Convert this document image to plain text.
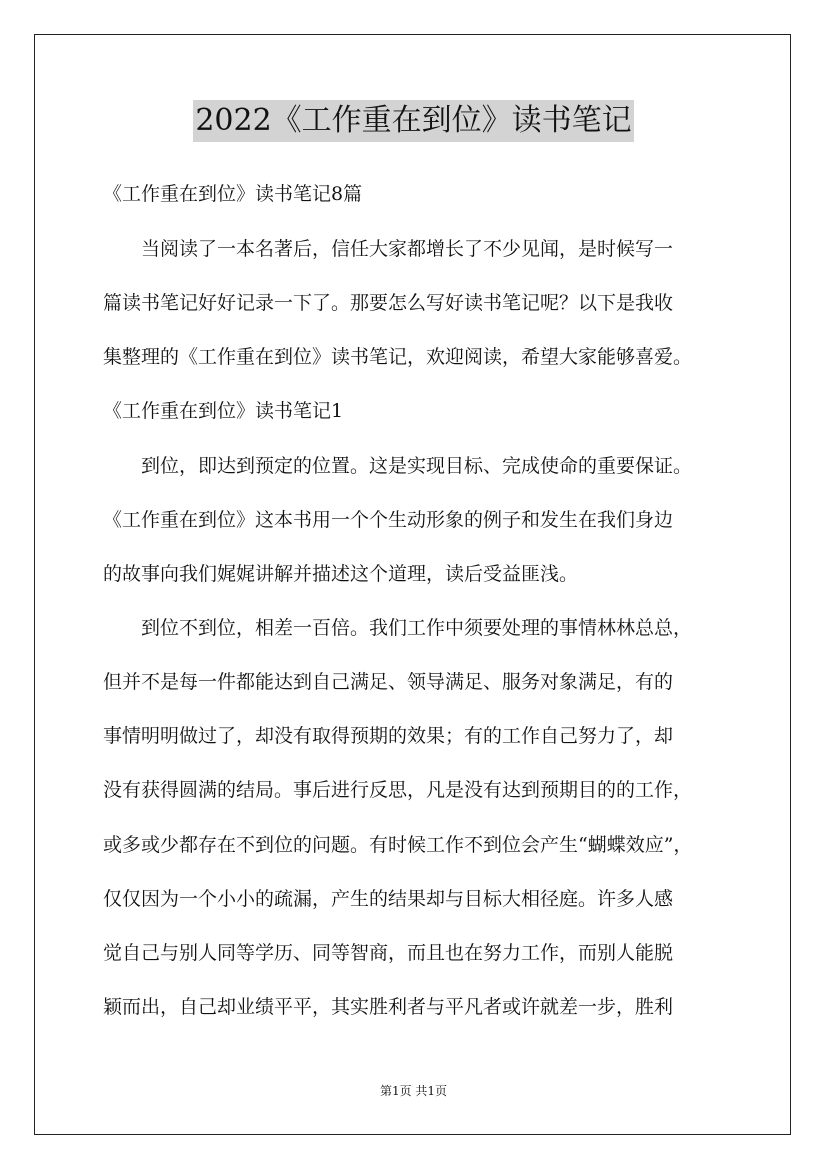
2022《工作重在到位》读书笔记
《工作重在到位》读书笔记8篇
当阅读了一本名著后，信任大家都增长了不少见闻，是时候写一
篇读书笔记好好记录一下了。那要怎么写好读书笔记呢？以下是我收
集整理的《工作重在到位》读书笔记，欢迎阅读，希望大家能够喜爱。
《工作重在到位》读书笔记1
到位，即达到预定的位置。这是实现目标、完成使命的重要保证。
《工作重在到位》这本书用一个个生动形象的例子和发生在我们身边
的故事向我们娓娓讲解并描述这个道理，读后受益匪浅。
到位不到位，相差一百倍。我们工作中须要处理的事情林林总总，
但并不是每一件都能达到自己满足、领导满足、服务对象满足，有的
事情明明做过了，却没有取得预期的效果；有的工作自己努力了，却
没有获得圆满的结局。事后进行反思，凡是没有达到预期目的的工作，
或多或少都存在不到位的问题。有时候工作不到位会产生“蝴蝶效应”，
仅仅因为一个小小的疏漏，产生的结果却与目标大相径庭。许多人感
觉自己与别人同等学历、同等智商，而且也在努力工作，而别人能脱
颖而出，自己却业绩平平，其实胜利者与平凡者或许就差一步，胜利
第1页 共1页
